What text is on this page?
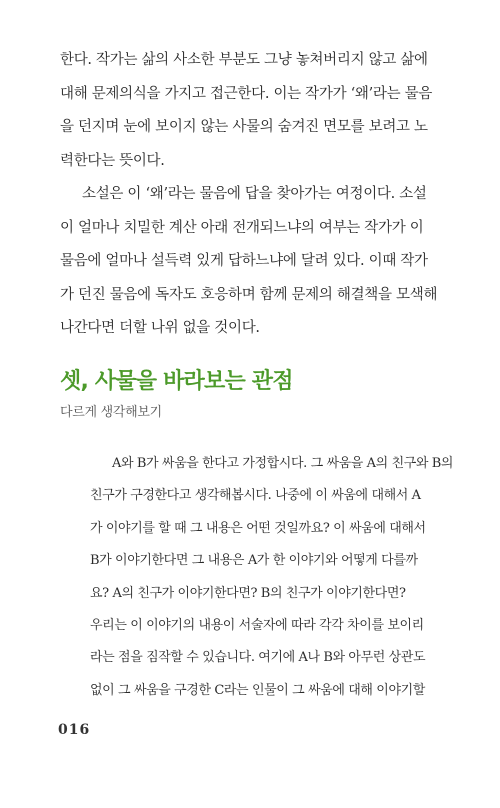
한다. 작가는 삶의 사소한 부분도 그냥 놓쳐버리지 않고 삶에
대해 문제의식을 가지고 접근한다. 이는 작가가 ‘왜’라는 물음
을 던지며 눈에 보이지 않는 사물의 숨겨진 면모를 보려고 노
력한다는 뜻이다.

소설은 이 ‘왜’라는 물음에 답을 찾아가는 여정이다. 소설
이 얼마나 치밀한 계산 아래 전개되느냐의 여부는 작가가 이
물음에 얼마나 설득력 있게 답하느냐에 달려 있다. 이때 작가
가 던진 물음에 독자도 호응하며 함께 문제의 해결책을 모색해
나간다면 더할 나위 없을 것이다.

셋, 사물을 바라보는 관점

다르게 생각해보기

A와 B가 싸움을 한다고 가정합시다. 그 싸움을 A의 친구와 B의
친구가 구경한다고 생각해봅시다. 나중에 이 싸움에 대해서 A
가 이야기를 할 때 그 내용은 어떤 것일까요? 이 싸움에 대해서
B가 이야기한다면 그 내용은 A가 한 이야기와 어떻게 다를까
요? A의 친구가 이야기한다면? B의 친구가 이야기한다면?

우리는 이 이야기의 내용이 서술자에 따라 각각 차이를 보이리
라는 점을 짐작할 수 있습니다. 여기에 A나 B와 아무런 상관도
없이 그 싸움을 구경한 C라는 인물이 그 싸움에 대해 이야기할

016
